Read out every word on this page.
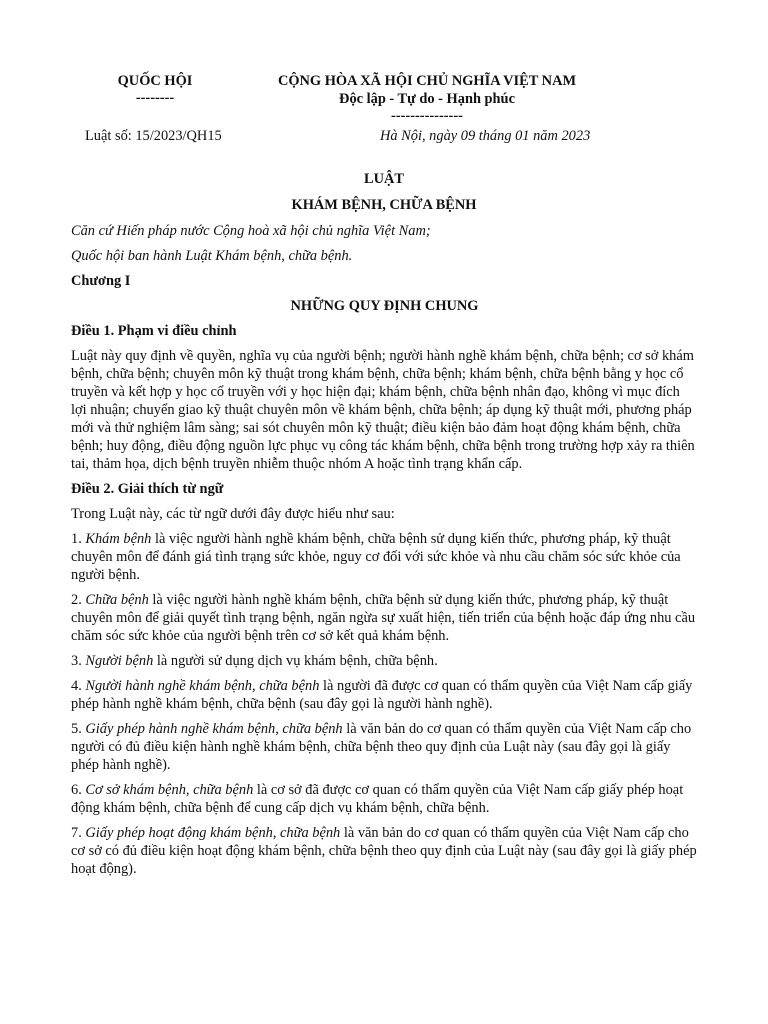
QUỐC HỘI
--------
CỘNG HÒA XÃ HỘI CHỦ NGHĨA VIỆT NAM
Độc lập - Tự do - Hạnh phúc
---------------
Luật số: 15/2023/QH15	Hà Nội, ngày 09 tháng 01 năm 2023
LUẬT
KHÁM BỆNH, CHỮA BỆNH

Căn cứ Hiến pháp nước Cộng hoà xã hội chủ nghĩa Việt Nam;

Quốc hội ban hành Luật Khám bệnh, chữa bệnh.

Chương I

NHỮNG QUY ĐỊNH CHUNG

Điều 1. Phạm vi điều chỉnh

Luật này quy định về quyền, nghĩa vụ của người bệnh; người hành nghề khám bệnh, chữa bệnh; cơ sở khám bệnh, chữa bệnh; chuyên môn kỹ thuật trong khám bệnh, chữa bệnh; khám bệnh, chữa bệnh bằng y học cổ truyền và kết hợp y học cổ truyền với y học hiện đại; khám bệnh, chữa bệnh nhân đạo, không vì mục đích lợi nhuận; chuyển giao kỹ thuật chuyên môn về khám bệnh, chữa bệnh; áp dụng kỹ thuật mới, phương pháp mới và thử nghiệm lâm sàng; sai sót chuyên môn kỹ thuật; điều kiện bảo đảm hoạt động khám bệnh, chữa bệnh; huy động, điều động nguồn lực phục vụ công tác khám bệnh, chữa bệnh trong trường hợp xảy ra thiên tai, thảm họa, dịch bệnh truyền nhiễm thuộc nhóm A hoặc tình trạng khẩn cấp.

Điều 2. Giải thích từ ngữ

Trong Luật này, các từ ngữ dưới đây được hiểu như sau:

1. Khám bệnh là việc người hành nghề khám bệnh, chữa bệnh sử dụng kiến thức, phương pháp, kỹ thuật chuyên môn để đánh giá tình trạng sức khỏe, nguy cơ đối với sức khỏe và nhu cầu chăm sóc sức khỏe của người bệnh.

2. Chữa bệnh là việc người hành nghề khám bệnh, chữa bệnh sử dụng kiến thức, phương pháp, kỹ thuật chuyên môn để giải quyết tình trạng bệnh, ngăn ngừa sự xuất hiện, tiến triển của bệnh hoặc đáp ứng nhu cầu chăm sóc sức khỏe của người bệnh trên cơ sở kết quả khám bệnh.

3. Người bệnh là người sử dụng dịch vụ khám bệnh, chữa bệnh.

4. Người hành nghề khám bệnh, chữa bệnh là người đã được cơ quan có thẩm quyền của Việt Nam cấp giấy phép hành nghề khám bệnh, chữa bệnh (sau đây gọi là người hành nghề).

5. Giấy phép hành nghề khám bệnh, chữa bệnh là văn bản do cơ quan có thẩm quyền của Việt Nam cấp cho người có đủ điều kiện hành nghề khám bệnh, chữa bệnh theo quy định của Luật này (sau đây gọi là giấy phép hành nghề).

6. Cơ sở khám bệnh, chữa bệnh là cơ sở đã được cơ quan có thẩm quyền của Việt Nam cấp giấy phép hoạt động khám bệnh, chữa bệnh để cung cấp dịch vụ khám bệnh, chữa bệnh.

7. Giấy phép hoạt động khám bệnh, chữa bệnh là văn bản do cơ quan có thẩm quyền của Việt Nam cấp cho cơ sở có đủ điều kiện hoạt động khám bệnh, chữa bệnh theo quy định của Luật này (sau đây gọi là giấy phép hoạt động).
